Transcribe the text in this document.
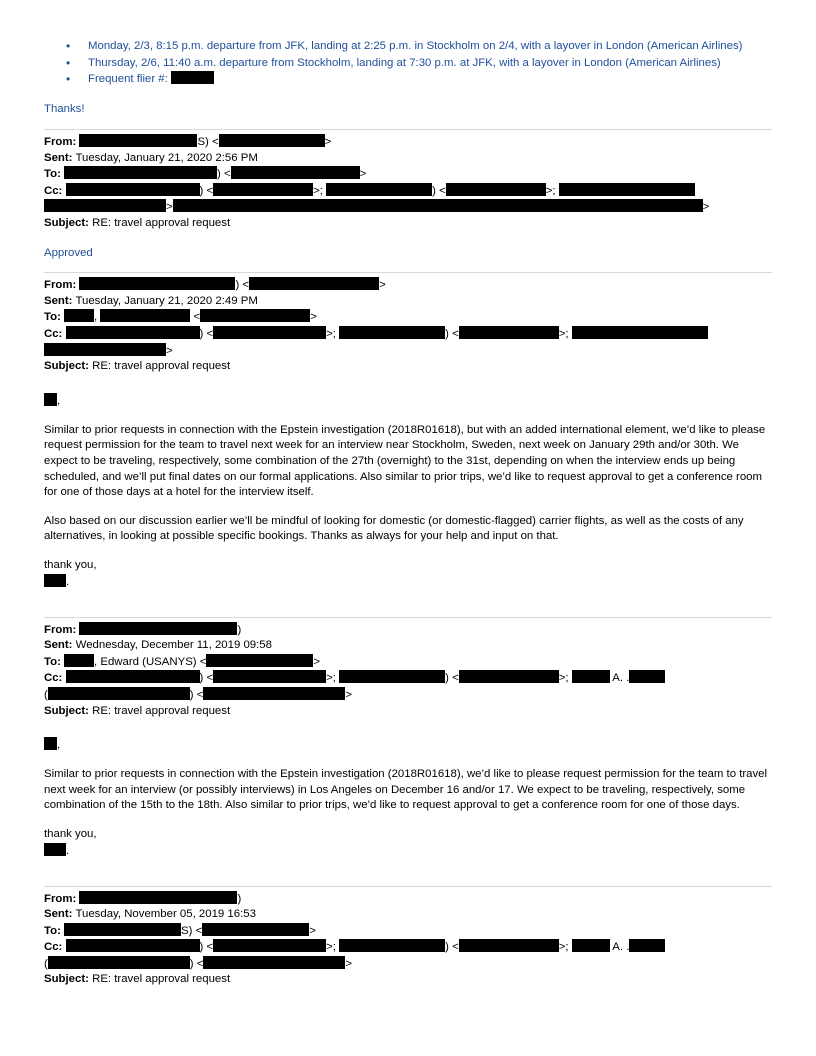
• Monday, 2/3, 8:15 p.m. departure from JFK, landing at 2:25 p.m. in Stockholm on 2/4, with a layover in London (American Airlines)
• Thursday, 2/6, 11:40 a.m. departure from Stockholm, landing at 7:30 p.m. at JFK, with a layover in London (American Airlines)
• Frequent flier #:

Thanks!

From:	S) <	>
Sent: Tuesday, January 21, 2020 2:56 PM
To:	) <	>
Cc:	) <	>;	) <	>;
>	>
Subject: RE: travel approval request

Approved

From:	) <	>
Sent: Tuesday, January 21, 2020 2:49 PM
To:	,	<	>
Cc:	) <	>;	) <	>;
>
Subject: RE: travel approval request
,

Similar to prior requests in connection with the Epstein investigation (2018R01618), but with an added international element, we’d like to please request permission for the team to travel next week for an interview near Stockholm, Sweden, next week on January 29th and/or 30th. We expect to be traveling, respectively, some combination of the 27th (overnight) to the 31st, depending on when the interview ends up being scheduled, and we’ll put final dates on our formal applications. Also similar to prior trips, we’d like to request approval to get a conference room for one of those days at a hotel for the interview itself.

Also based on our discussion earlier we’ll be mindful of looking for domestic (or domestic-flagged) carrier flights, as well as the costs of any alternatives, in looking at possible specific bookings. Thanks as always for your help and input on that.

thank you,

.
From:	)
Sent: Wednesday, December 11, 2019 09:58
To:	, Edward (USANYS) <	>
Cc:	) <	>;	) <	>;	A. .
(	) <	>
Subject: RE: travel approval request
,

Similar to prior requests in connection with the Epstein investigation (2018R01618), we’d like to please request permission for the team to travel next week for an interview (or possibly interviews) in Los Angeles on December 16 and/or 17. We expect to be traveling, respectively, some combination of the 15th to the 18th. Also similar to prior trips, we’d like to request approval to get a conference room for one of those days.

thank you,

.
From:	)
Sent: Tuesday, November 05, 2019 16:53
To:	S) <	>
Cc:	) <	>;	) <	>;	A. .
(	) <	>
Subject: RE: travel approval request
